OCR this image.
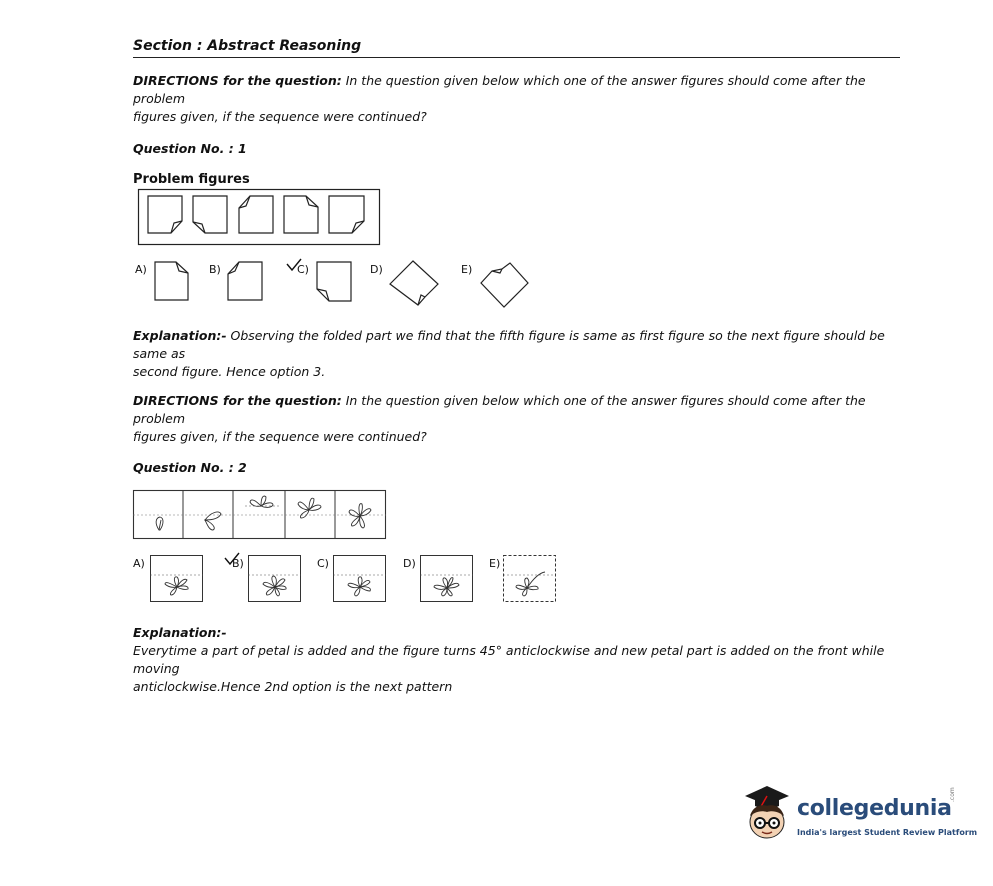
Section : Abstract Reasoning
DIRECTIONS for the question: In the question given below which one of the answer figures should come after the problem
figures given, if the sequence were continued?
Question No. : 1
Problem figures
A)	B)	C)	D)	E)
Explanation:- Observing the folded part we find that the fifth figure is same as first figure so the next figure should be same as
second figure. Hence option 3.
DIRECTIONS for the question: In the question given below which one of the answer figures should come after the problem
figures given, if the sequence were continued?
Question No. : 2
A)	B)	C)	D)	E)
Explanation:-
Everytime a part of petal is added and the figure turns 45° anticlockwise and new petal part is added on the front while moving
anticlockwise.Hence 2nd option is the next pattern
collegedunia
.com
India's largest Student Review Platform
